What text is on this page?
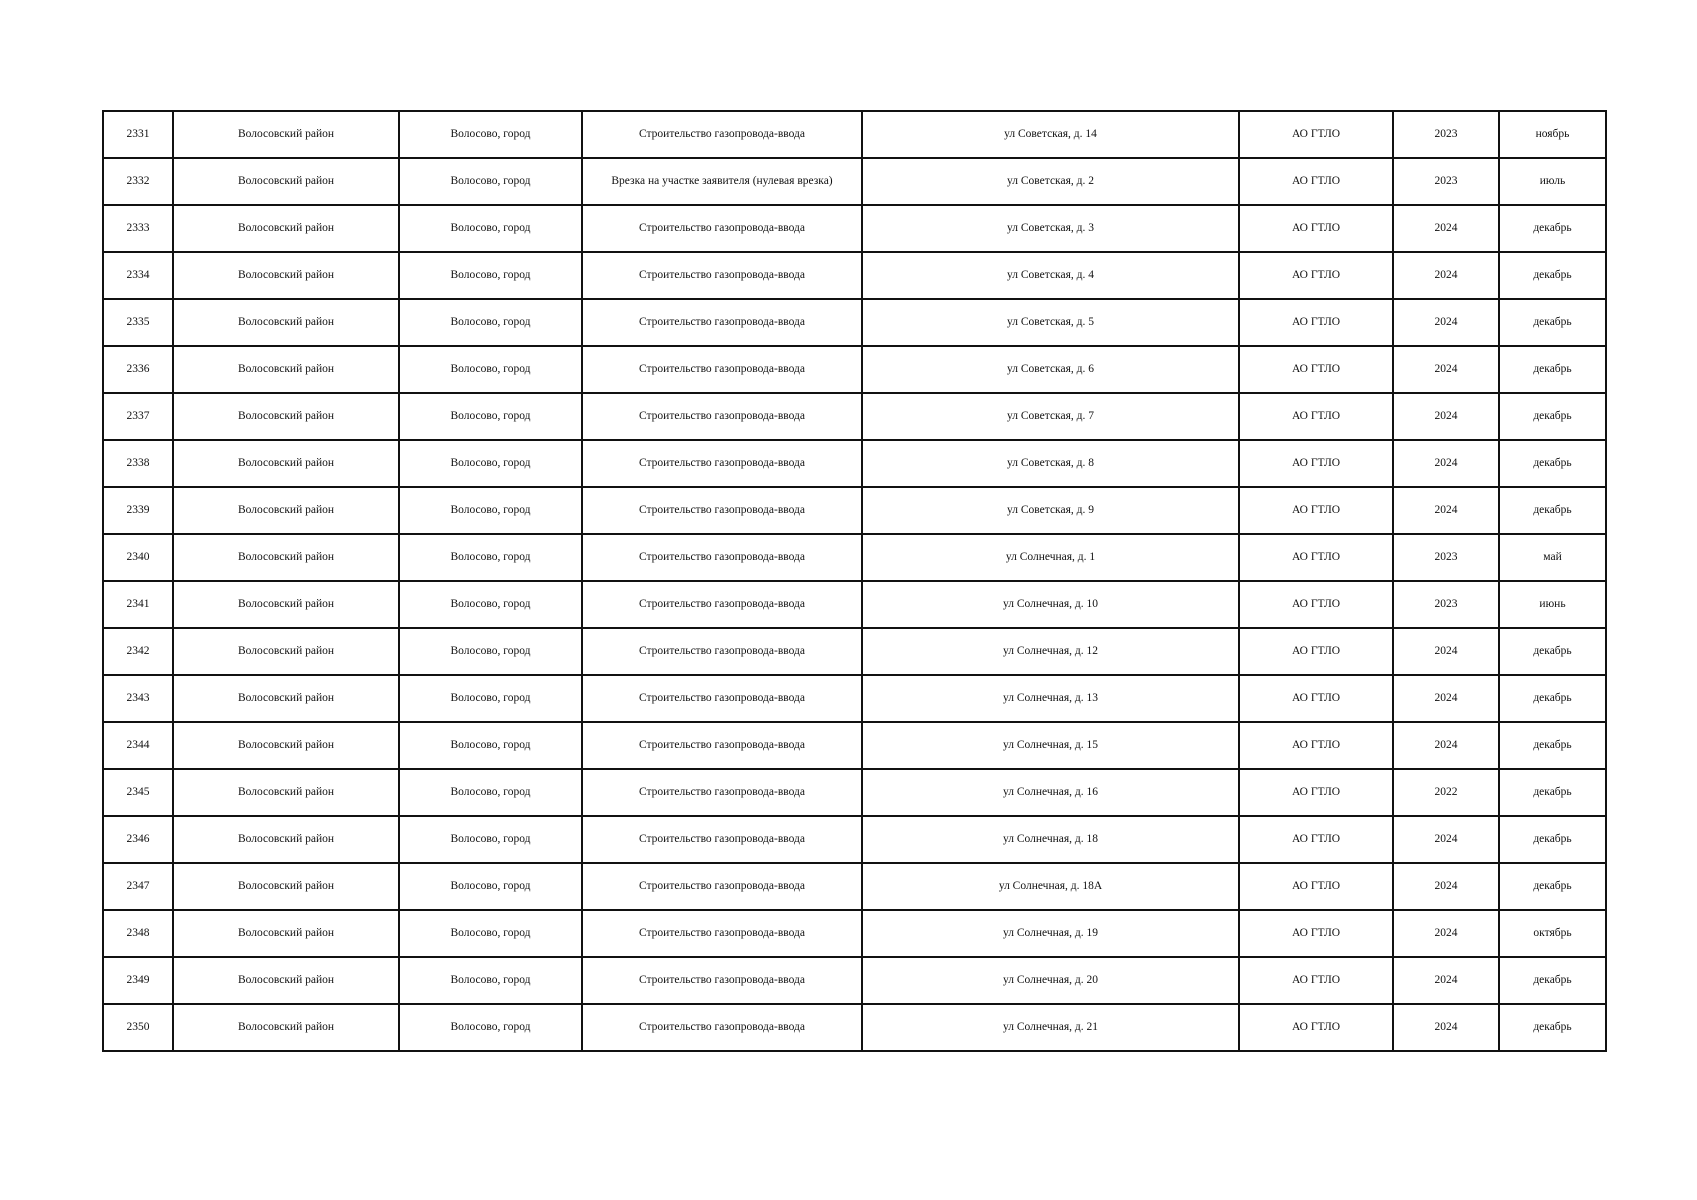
2331	Волосовский район	Волосово, город	Строительство газопровода-ввода	ул Советская, д. 14	АО ГТЛО	2023	ноябрь
2332	Волосовский район	Волосово, город	Врезка на участке заявителя (нулевая врезка)	ул Советская, д. 2	АО ГТЛО	2023	июль
2333	Волосовский район	Волосово, город	Строительство газопровода-ввода	ул Советская, д. 3	АО ГТЛО	2024	декабрь
2334	Волосовский район	Волосово, город	Строительство газопровода-ввода	ул Советская, д. 4	АО ГТЛО	2024	декабрь
2335	Волосовский район	Волосово, город	Строительство газопровода-ввода	ул Советская, д. 5	АО ГТЛО	2024	декабрь
2336	Волосовский район	Волосово, город	Строительство газопровода-ввода	ул Советская, д. 6	АО ГТЛО	2024	декабрь
2337	Волосовский район	Волосово, город	Строительство газопровода-ввода	ул Советская, д. 7	АО ГТЛО	2024	декабрь
2338	Волосовский район	Волосово, город	Строительство газопровода-ввода	ул Советская, д. 8	АО ГТЛО	2024	декабрь
2339	Волосовский район	Волосово, город	Строительство газопровода-ввода	ул Советская, д. 9	АО ГТЛО	2024	декабрь
2340	Волосовский район	Волосово, город	Строительство газопровода-ввода	ул Солнечная, д. 1	АО ГТЛО	2023	май
2341	Волосовский район	Волосово, город	Строительство газопровода-ввода	ул Солнечная, д. 10	АО ГТЛО	2023	июнь
2342	Волосовский район	Волосово, город	Строительство газопровода-ввода	ул Солнечная, д. 12	АО ГТЛО	2024	декабрь
2343	Волосовский район	Волосово, город	Строительство газопровода-ввода	ул Солнечная, д. 13	АО ГТЛО	2024	декабрь
2344	Волосовский район	Волосово, город	Строительство газопровода-ввода	ул Солнечная, д. 15	АО ГТЛО	2024	декабрь
2345	Волосовский район	Волосово, город	Строительство газопровода-ввода	ул Солнечная, д. 16	АО ГТЛО	2022	декабрь
2346	Волосовский район	Волосово, город	Строительство газопровода-ввода	ул Солнечная, д. 18	АО ГТЛО	2024	декабрь
2347	Волосовский район	Волосово, город	Строительство газопровода-ввода	ул Солнечная, д. 18А	АО ГТЛО	2024	декабрь
2348	Волосовский район	Волосово, город	Строительство газопровода-ввода	ул Солнечная, д. 19	АО ГТЛО	2024	октябрь
2349	Волосовский район	Волосово, город	Строительство газопровода-ввода	ул Солнечная, д. 20	АО ГТЛО	2024	декабрь
2350	Волосовский район	Волосово, город	Строительство газопровода-ввода	ул Солнечная, д. 21	АО ГТЛО	2024	декабрь
